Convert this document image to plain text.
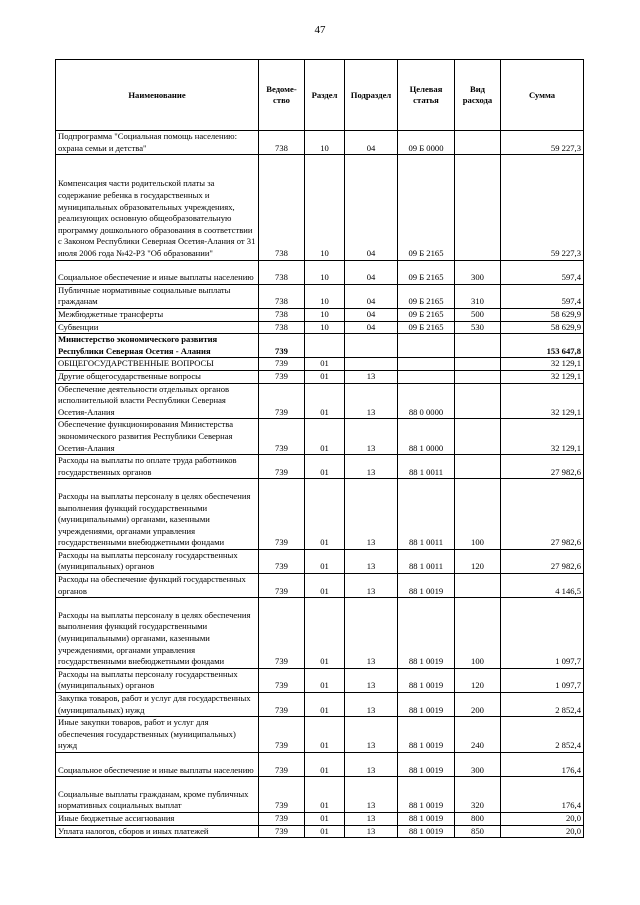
47
Наименование	Ведоме-ство	Раздел	Подраздел	Целевая статья	Вид расхода	Сумма
Подпрограмма "Социальная помощь населению: охрана семьи и детства"	738	10	04	09 Б 0000		59 227,3
Компенсация части родительской платы за содержание ребенка в государственных и муниципальных образовательных учреждениях, реализующих основную общеобразовательную программу дошкольного образования в соответствии с Законом Республики Северная Осетия-Алания от 31 июля 2006 года №42-РЗ "Об образовании"	738	10	04	09 Б 2165		59 227,3
Социальное обеспечение и иные выплаты населению	738	10	04	09 Б 2165	300	597,4
Публичные нормативные социальные выплаты гражданам	738	10	04	09 Б 2165	310	597,4
Межбюджетные трансферты	738	10	04	09 Б 2165	500	58 629,9
Субвенции	738	10	04	09 Б 2165	530	58 629,9
Министерство экономического развития Республики Северная Осетия - Алания	739					153 647,8
ОБЩЕГОСУДАРСТВЕННЫЕ ВОПРОСЫ	739	01				32 129,1
Другие общегосударственные вопросы	739	01	13			32 129,1
Обеспечение деятельности отдельных органов исполнительной власти Республики Северная Осетия-Алания	739	01	13	88 0 0000		32 129,1
Обеспечение функционирования Министерства экономического развития Республики Северная Осетия-Алания	739	01	13	88 1 0000		32 129,1
Расходы на выплаты по оплате труда работников государственных органов	739	01	13	88 1 0011		27 982,6
Расходы на выплаты персоналу в целях обеспечения выполнения функций государственными (муниципальными) органами, казенными учреждениями, органами управления государственными внебюджетными фондами	739	01	13	88 1 0011	100	27 982,6
Расходы на выплаты персоналу государственных (муниципальных) органов	739	01	13	88 1 0011	120	27 982,6
Расходы на обеспечение функций государственных органов	739	01	13	88 1 0019		4 146,5
Расходы на выплаты персоналу в целях обеспечения выполнения функций государственными (муниципальными) органами, казенными учреждениями, органами управления государственными внебюджетными фондами	739	01	13	88 1 0019	100	1 097,7
Расходы на выплаты персоналу государственных (муниципальных) органов	739	01	13	88 1 0019	120	1 097,7
Закупка товаров, работ и услуг для государственных (муниципальных) нужд	739	01	13	88 1 0019	200	2 852,4
Иные закупки товаров, работ и услуг для обеспечения государственных (муниципальных) нужд	739	01	13	88 1 0019	240	2 852,4
Социальное обеспечение и иные выплаты населению	739	01	13	88 1 0019	300	176,4
Социальные выплаты гражданам, кроме публичных нормативных социальных выплат	739	01	13	88 1 0019	320	176,4
Иные бюджетные ассигнования	739	01	13	88 1 0019	800	20,0
Уплата налогов, сборов и иных платежей	739	01	13	88 1 0019	850	20,0
